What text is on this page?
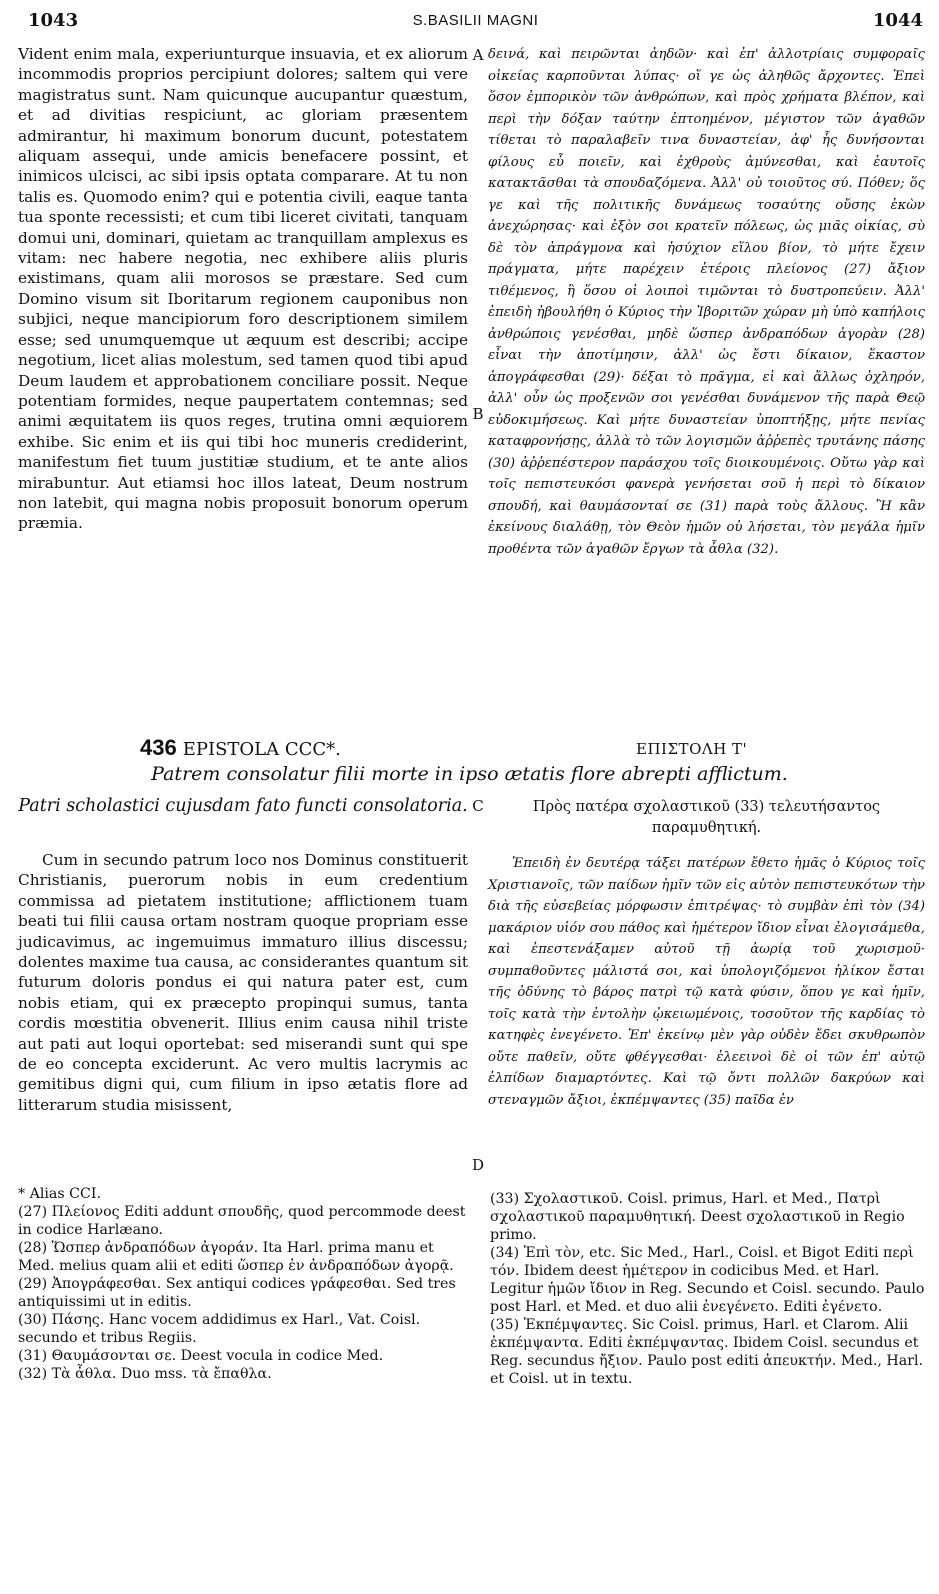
1043	S.BASILII MAGNI	1044

Vident enim mala, experiunturque insuavia, et ex aliorum incommodis proprios percipiunt dolores; saltem qui vere magistratus sunt. Nam quicunque aucupantur quæstum, et ad divitias respiciunt, ac gloriam præsentem admirantur, hi maximum bonorum ducunt, potestatem aliquam assequi, unde amicis benefacere possint, et inimicos ulcisci, ac sibi ipsis optata comparare. At tu non talis es. Quomodo enim? qui e potentia civili, eaque tanta tua sponte recessisti; et cum tibi liceret civitati, tanquam domui uni, dominari, quietam ac tranquillam amplexus es vitam: nec habere negotia, nec exhibere aliis pluris existimans, quam alii morosos se præstare. Sed cum Domino visum sit Iboritarum regionem cauponibus non subjici, neque mancipiorum foro descriptionem similem esse; sed unumquemque ut æquum est describi; accipe negotium, licet alias molestum, sed tamen quod tibi apud Deum laudem et approbationem conciliare possit. Neque potentiam formides, neque paupertatem contemnas; sed animi æquitatem iis quos reges, trutina omni æquiorem exhibe. Sic enim et iis qui tibi hoc muneris crediderint, manifestum fiet tuum justitiæ studium, et te ante alios mirabuntur. Aut etiamsi hoc illos lateat, Deum nostrum non latebit, qui magna nobis proposuit bonorum operum præmia.

δεινά, καὶ πειρῶνται ἀηδῶν· καὶ ἐπ' ἀλλοτρίαις συμφοραῖς οἰκείας καρποῦνται λύπας· οἵ γε ὡς ἀληθῶς ἄρχοντες. Ἐπεὶ ὅσον ἐμπορικὸν τῶν ἀνθρώπων, καὶ πρὸς χρήματα βλέπον, καὶ περὶ τὴν δόξαν ταύτην ἐπτοημένον, μέγιστον τῶν ἀγαθῶν τίθεται τὸ παραλαβεῖν τινα δυναστείαν, ἀφ' ἧς δυνήσονται φίλους εὖ ποιεῖν, καὶ ἐχθροὺς ἀμύνεσθαι, καὶ ἑαυτοῖς κατακτᾶσθαι τὰ σπουδαζόμενα. Ἀλλ' οὐ τοιοῦτος σύ. Πόθεν; ὅς γε καὶ τῆς πολιτικῆς δυνάμεως τοσαύτης οὔσης ἑκὼν ἀνεχώρησας· καὶ ἐξὸν σοι κρατεῖν πόλεως, ὡς μιᾶς οἰκίας, σὺ δὲ τὸν ἀπράγμονα καὶ ἡσύχιον εἵλου βίον, τὸ μήτε ἔχειν πράγματα, μήτε παρέχειν ἑτέροις πλείονος (27) ἄξιον τιθέμενος, ἢ ὅσου οἱ λοιποὶ τιμῶνται τὸ δυστροπεύειν. Ἀλλ' ἐπειδὴ ἠβουλήθη ὁ Κύριος τὴν Ἰβοριτῶν χώραν μὴ ὑπὸ καπήλοις ἀνθρώποις γενέσθαι, μηδὲ ὥσπερ ἀνδραπόδων ἀγορὰν (28) εἶναι τὴν ἀποτίμησιν, ἀλλ' ὡς ἔστι δίκαιον, ἕκαστον ἀπογράφεσθαι (29)· δέξαι τὸ πρᾶγμα, εἰ καὶ ἄλλως ὀχληρόν, ἀλλ' οὖν ὡς προξενῶν σοι γενέσθαι δυνάμενον τῆς παρὰ Θεῷ εὐδοκιμήσεως. Καὶ μήτε δυναστείαν ὑποπτήξῃς, μήτε πενίας καταφρονήσῃς, ἀλλὰ τὸ τῶν λογισμῶν ἀῤῥεπὲς τρυτάνης πάσης (30) ἀῤῥεπέστερον παράσχου τοῖς διοικουμένοις. Οὕτω γὰρ καὶ τοῖς πεπιστευκόσι φανερὰ γενήσεται σοῦ ἡ περὶ τὸ δίκαιον σπουδή, καὶ θαυμάσονταί σε (31) παρὰ τοὺς ἄλλους. Ἢ κἂν ἐκείνους διαλάθῃ, τὸν Θεὸν ἡμῶν οὐ λήσεται, τὸν μεγάλα ἡμῖν προθέντα τῶν ἀγαθῶν ἔργων τὰ ἆθλα (32).

A
B
C
D
436 EPISTOLA CCC*.	ΕΠΙΣΤΟΛΗ Τ'
Patrem consolatur filii morte in ipso ætatis flore abrepti afflictum.
Patri scholastici cujusdam fato functi consolatoria.	Πρὸς πατέρα σχολαστικοῦ (33) τελευτήσαντος παραμυθητική.

Cum in secundo patrum loco nos Dominus constituerit Christianis, puerorum nobis in eum credentium commissa ad pietatem institutione; afflictionem tuam beati tui filii causa ortam nostram quoque propriam esse judicavimus, ac ingemuimus immaturo illius discessu; dolentes maxime tua causa, ac considerantes quantum sit futurum doloris pondus ei qui natura pater est, cum nobis etiam, qui ex præcepto propinqui sumus, tanta cordis mœstitia obvenerit. Illius enim causa nihil triste aut pati aut loqui oportebat: sed miserandi sunt qui spe de eo concepta exciderunt. Ac vero multis lacrymis ac gemitibus digni qui, cum filium in ipso ætatis flore ad litterarum studia misissent,

Ἐπειδὴ ἐν δευτέρᾳ τάξει πατέρων ἔθετο ἡμᾶς ὁ Κύριος τοῖς Χριστιανοῖς, τῶν παίδων ἡμῖν τῶν εἰς αὐτὸν πεπιστευκότων τὴν διὰ τῆς εὐσεβείας μόρφωσιν ἐπιτρέψας· τὸ συμβὰν ἐπὶ τὸν (34) μακάριον υἱόν σου πάθος καὶ ἡμέτερον ἴδιον εἶναι ἐλογισάμεθα, καὶ ἐπεστενάξαμεν αὐτοῦ τῇ ἀωρίᾳ τοῦ χωρισμοῦ· συμπαθοῦντες μάλιστά σοι, καὶ ὑπολογιζόμενοι ἡλίκον ἔσται τῆς ὀδύνης τὸ βάρος πατρὶ τῷ κατὰ φύσιν, ὅπου γε καὶ ἡμῖν, τοῖς κατὰ τὴν ἐντολὴν ᾠκειωμένοις, τοσοῦτον τῆς καρδίας τὸ κατηφὲς ἐνεγένετο. Ἐπ' ἐκείνῳ μὲν γὰρ οὐδὲν ἔδει σκυθρωπὸν οὔτε παθεῖν, οὔτε φθέγγεσθαι· ἐλεεινοὶ δὲ οἱ τῶν ἐπ' αὐτῷ ἐλπίδων διαμαρτόντες. Καὶ τῷ ὄντι πολλῶν δακρύων καὶ στεναγμῶν ἄξιοι, ἐκπέμψαντες (35) παῖδα ἐν

* Alias CCI.

(27) Πλείονος Editi addunt σπουδῆς, quod percommode deest in codice Harlæano.

(28) Ὥσπερ ἀνδραπόδων ἀγοράν. Ita Harl. prima manu et Med. melius quam alii et editi ὥσπερ ἐν ἀνδραπόδων ἀγορᾷ.

(29) Ἀπογράφεσθαι. Sex antiqui codices γράφεσθαι. Sed tres antiquissimi ut in editis.

(30) Πάσης. Hanc vocem addidimus ex Harl., Vat. Coisl. secundo et tribus Regiis.

(31) Θαυμάσονται σε. Deest vocula in codice Med.

(32) Τὰ ἆθλα. Duo mss. τὰ ἔπαθλα.

(33) Σχολαστικοῦ. Coisl. primus, Harl. et Med., Πατρὶ σχολαστικοῦ παραμυθητική. Deest σχολαστικοῦ in Regio primo.

(34) Ἐπὶ τὸν, etc. Sic Med., Harl., Coisl. et Bigot Editi περὶ τόν. Ibidem deest ἡμέτερον in codicibus Med. et Harl. Legitur ἡμῶν ἴδιον in Reg. Secundo et Coisl. secundo. Paulo post Harl. et Med. et duo alii ἐνεγένετο. Editi ἐγένετο.

(35) Ἐκπέμψαντες. Sic Coisl. primus, Harl. et Clarom. Alii ἐκπέμψαντα. Editi ἐκπέμψαντας. Ibidem Coisl. secundus et Reg. secundus ἤξιον. Paulo post editi ἀπευκτήν. Med., Harl. et Coisl. ut in textu.
